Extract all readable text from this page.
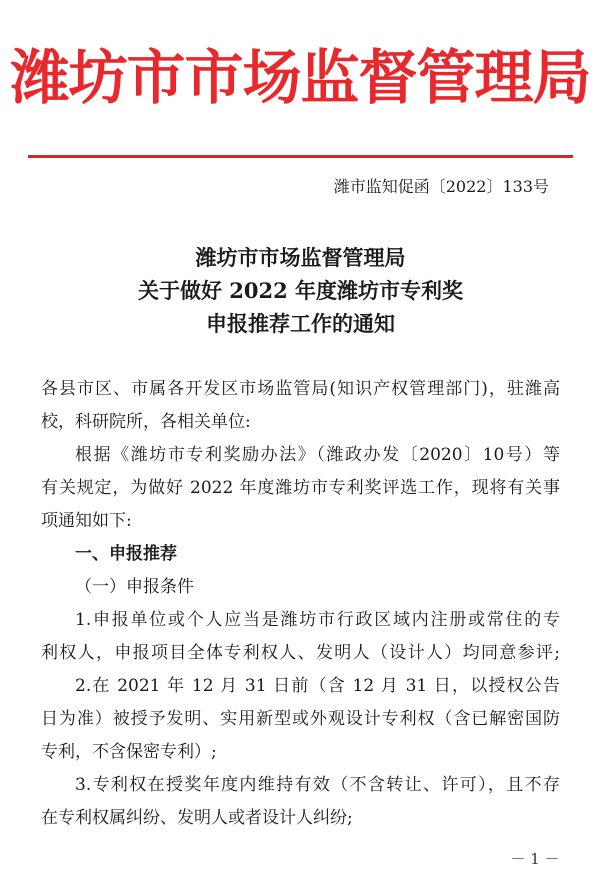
潍坊市市场监督管理局
潍市监知促函〔2022〕133号
潍坊市市场监督管理局
关于做好 2022 年度潍坊市专利奖
申报推荐工作的通知
各县市区、市属各开发区市场监管局(知识产权管理部门)，驻潍高
校，科研院所，各相关单位:
根据《潍坊市专利奖励办法》（潍政办发〔2020〕10号）等
有关规定，为做好 2022 年度潍坊市专利奖评选工作，现将有关事
项通知如下:
一、申报推荐
（一）申报条件
1.申报单位或个人应当是潍坊市行政区域内注册或常住的专
利权人，申报项目全体专利权人、发明人（设计人）均同意参评;
2.在 2021 年 12 月 31 日前（含 12 月 31 日，以授权公告
日为准）被授予发明、实用新型或外观设计专利权（含已解密国防
专利，不含保密专利）;
3.专利权在授奖年度内维持有效（不含转让、许可），且不存
在专利权属纠纷、发明人或者设计人纠纷;
－ 1 －
